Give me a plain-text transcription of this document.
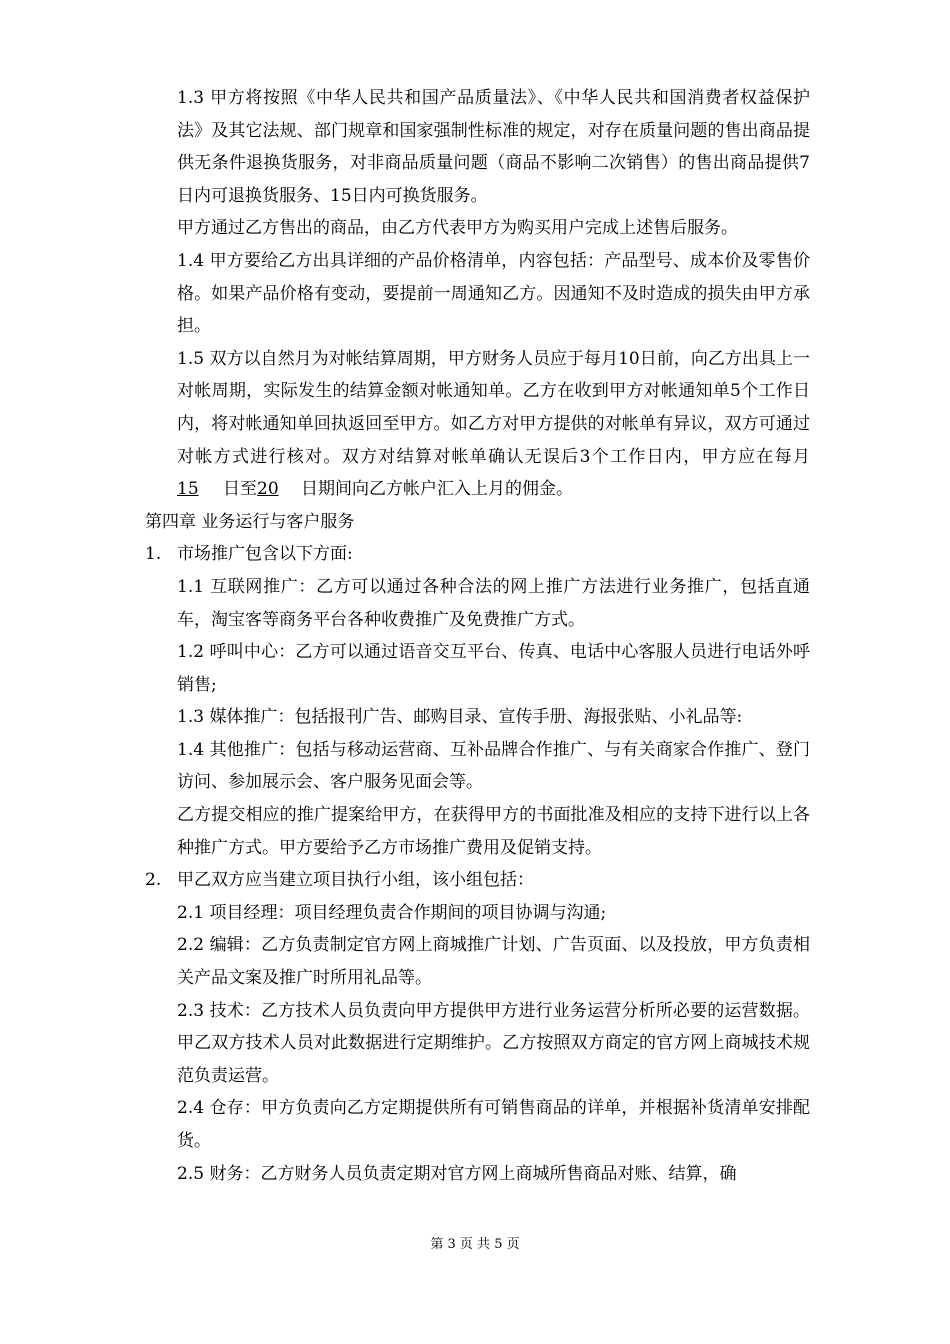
1.3 甲方将按照《中华人民共和国产品质量法》、《中华人民共和国消费者权益保护法》及其它法规、部门规章和国家强制性标准的规定，对存在质量问题的售出商品提供无条件退换货服务，对非商品质量问题（商品不影响二次销售）的售出商品提供7日内可退换货服务、15日内可换货服务。

甲方通过乙方售出的商品，由乙方代表甲方为购买用户完成上述售后服务。

1.4 甲方要给乙方出具详细的产品价格清单，内容包括：产品型号、成本价及零售价格。如果产品价格有变动，要提前一周通知乙方。因通知不及时造成的损失由甲方承担。

1.5 双方以自然月为对帐结算周期，甲方财务人员应于每月10日前，向乙方出具上一对帐周期，实际发生的结算金额对帐通知单。乙方在收到甲方对帐通知单5个工作日内，将对帐通知单回执返回至甲方。如乙方对甲方提供的对帐单有异议，双方可通过对帐方式进行核对。双方对结算对帐单确认无误后3个工作日内，甲方应在每月15 日至20 日期间向乙方帐户汇入上月的佣金。

第四章 业务运行与客户服务

1. 市场推广包含以下方面:

1.1 互联网推广：乙方可以通过各种合法的网上推广方法进行业务推广，包括直通车，淘宝客等商务平台各种收费推广及免费推广方式。

1.2 呼叫中心：乙方可以通过语音交互平台、传真、电话中心客服人员进行电话外呼销售;

1.3 媒体推广：包括报刊广告、邮购目录、宣传手册、海报张贴、小礼品等:

1.4 其他推广：包括与移动运营商、互补品牌合作推广、与有关商家合作推广、登门访问、参加展示会、客户服务见面会等。

乙方提交相应的推广提案给甲方，在获得甲方的书面批准及相应的支持下进行以上各种推广方式。甲方要给予乙方市场推广费用及促销支持。

2. 甲乙双方应当建立项目执行小组，该小组包括：

2.1 项目经理：项目经理负责合作期间的项目协调与沟通;

2.2 编辑：乙方负责制定官方网上商城推广计划、广告页面、以及投放，甲方负责相关产品文案及推广时所用礼品等。

2.3 技术：乙方技术人员负责向甲方提供甲方进行业务运营分析所必要的运营数据。甲乙双方技术人员对此数据进行定期维护。乙方按照双方商定的官方网上商城技术规范负责运营。

2.4 仓存：甲方负责向乙方定期提供所有可销售商品的详单，并根据补货清单安排配货。

2.5 财务：乙方财务人员负责定期对官方网上商城所售商品对账、结算，确

第 3 页 共 5 页
